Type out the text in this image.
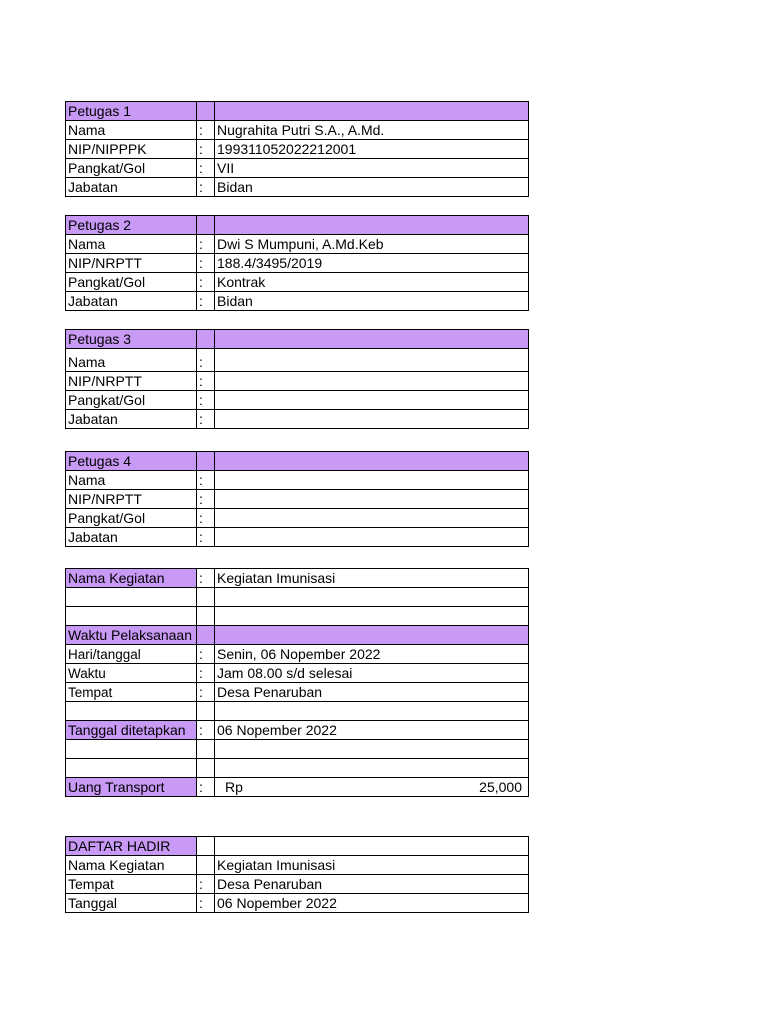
Petugas 1		
Nama	:	Nugrahita Putri S.A., A.Md.
NIP/NIPPPK	:	199311052022212001
Pangkat/Gol	:	VII
Jabatan	:	Bidan
Petugas 2		
Nama	:	Dwi S Mumpuni, A.Md.Keb
NIP/NRPTT	:	188.4/3495/2019
Pangkat/Gol	:	Kontrak
Jabatan	:	Bidan
Petugas 3		
Nama	:	
NIP/NRPTT	:	
Pangkat/Gol	:	
Jabatan	:	
Petugas 4		
Nama	:	
NIP/NRPTT	:	
Pangkat/Gol	:	
Jabatan	:	
Nama Kegiatan	:	Kegiatan Imunisasi

Waktu Pelaksanaan		
Hari/tanggal	:	Senin, 06 Nopember 2022
Waktu	:	Jam 08.00 s/d selesai
Tempat	:	Desa Penaruban

Tanggal ditetapkan	:	06 Nopember 2022

Uang Transport	:	Rp 25,000
DAFTAR HADIR		
Nama Kegiatan		Kegiatan Imunisasi
Tempat	:	Desa Penaruban
Tanggal	:	06 Nopember 2022
